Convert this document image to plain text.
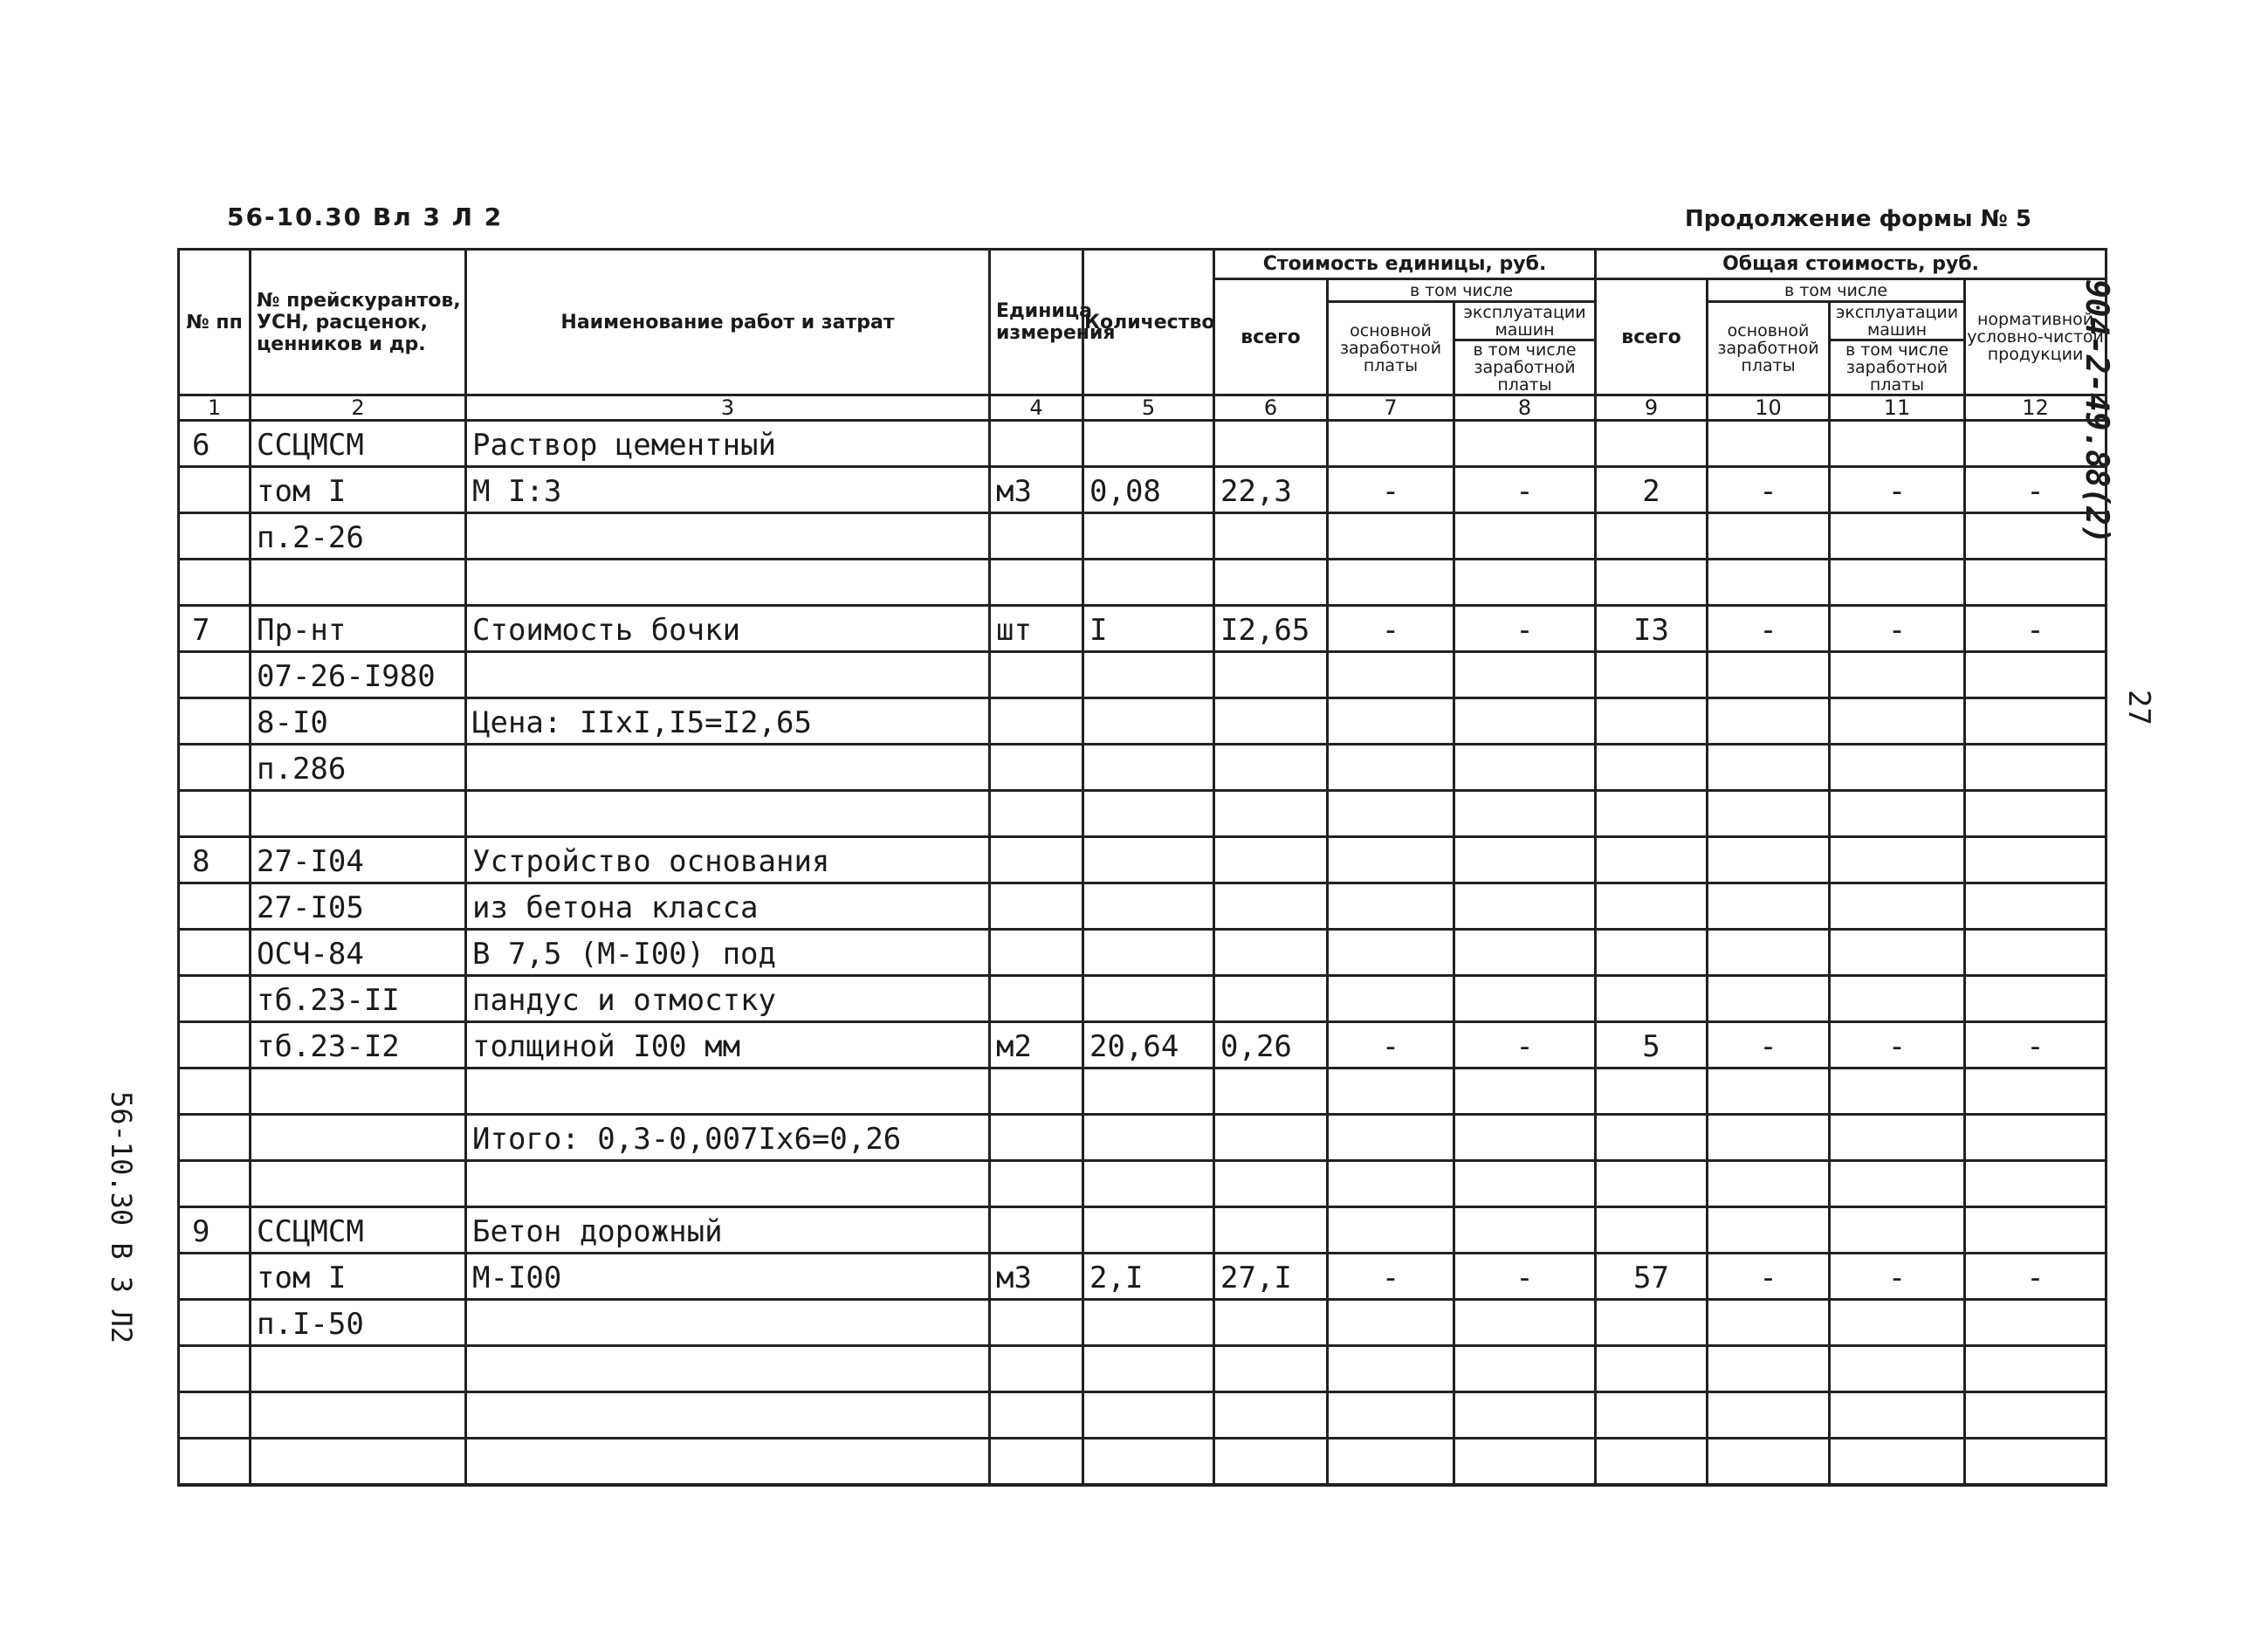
56-10.30 Вл 3 Л 2	Продолжение формы № 5
904-2-49.88(2)
27
56-10.30 В 3 Л2
№ пп	№ прейскурантов, УСН, расценок, ценников и др.	Наименование работ и затрат	Единица измерения	Количество	Стоимость единицы, руб.			Общая стоимость, руб.			
					всего	в том числе		всего	в том числе		нормативной условно-чистой продукции
						основной заработной платы	эксплуатации машин		основной заработной платы	эксплуатации машин	
							в том числе заработной платы			в том числе заработной платы	
1	2	3	4	5	6	7	8	9	10	11	12
6	ССЦМСМ	Раствор цементный									
	том I	М I:3	м3	0,08	22,3	-	-	2	-	-	-
	п.2-26										

7	Пр-нт	Стоимость бочки	шт	I	I2,65	-	-	I3	-	-	-
	07-26-I980										
	8-I0	Цена: IIxI,I5=I2,65									
	п.286										

8	27-I04	Устройство основания									
	27-I05	из бетона класса									
	ОСЧ-84	В 7,5 (М-I00) под									
	тб.23-II	пандус и отмостку									
	тб.23-I2	толщиной I00 мм	м2	20,64	0,26	-	-	5	-	-	-

		Итого: 0,3-0,007Ix6=0,26									

9	ССЦМСМ	Бетон дорожный									
	том I	М-I00	м3	2,I	27,I	-	-	57	-	-	-
	п.I-50										
